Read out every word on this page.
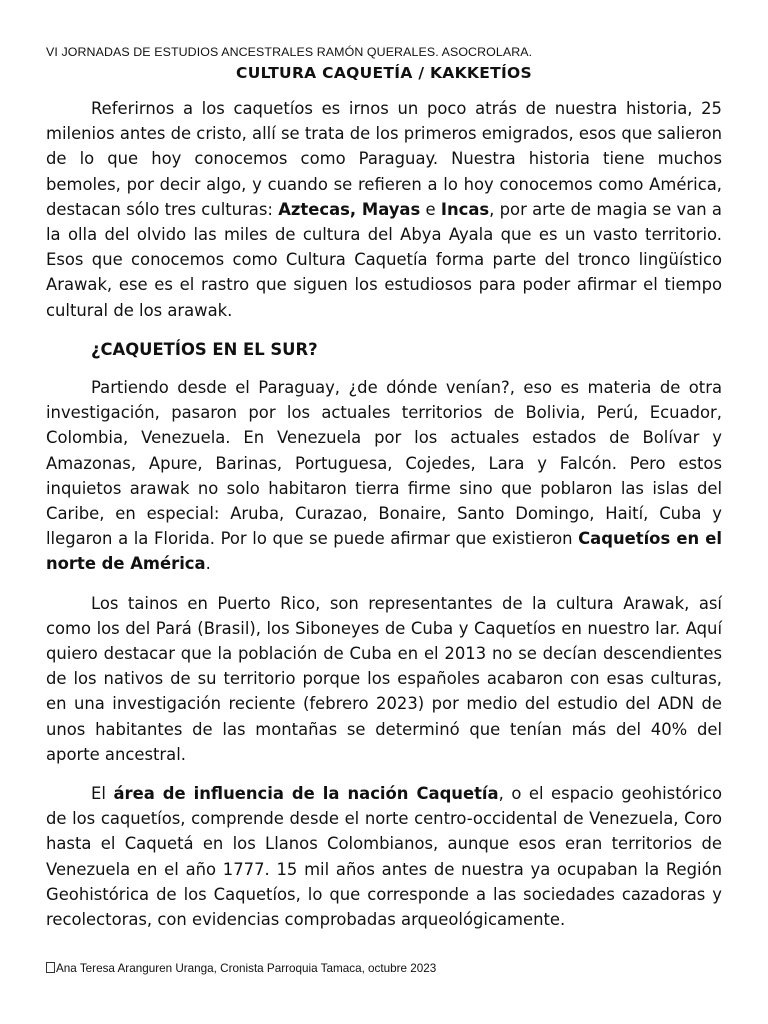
VI JORNADAS DE ESTUDIOS ANCESTRALES RAMÓN QUERALES. ASOCROLARA.
CULTURA CAQUETÍA / KAKKETÍOS

Referirnos a los caquetíos es irnos un poco atrás de nuestra historia, 25 milenios antes de cristo, allí se trata de los primeros emigrados, esos que salieron de lo que hoy conocemos como Paraguay. Nuestra historia tiene muchos bemoles, por decir algo, y cuando se refieren a lo hoy conocemos como América, destacan sólo tres culturas: Aztecas, Mayas e Incas, por arte de magia se van a la olla del olvido las miles de cultura del Abya Ayala que es un vasto territorio. Esos que conocemos como Cultura Caquetía forma parte del tronco lingüístico Arawak, ese es el rastro que siguen los estudiosos para poder afirmar el tiempo cultural de los arawak.

¿CAQUETÍOS EN EL SUR?

Partiendo desde el Paraguay, ¿de dónde venían?, eso es materia de otra investigación, pasaron por los actuales territorios de Bolivia, Perú, Ecuador, Colombia, Venezuela. En Venezuela por los actuales estados de Bolívar y Amazonas, Apure, Barinas, Portuguesa, Cojedes, Lara y Falcón. Pero estos inquietos arawak no solo habitaron tierra firme sino que poblaron las islas del Caribe, en especial: Aruba, Curazao, Bonaire, Santo Domingo, Haití, Cuba y llegaron a la Florida. Por lo que se puede afirmar que existieron Caquetíos en el norte de América.

Los tainos en Puerto Rico, son representantes de la cultura Arawak, así como los del Pará (Brasil), los Siboneyes de Cuba y Caquetíos en nuestro lar. Aquí quiero destacar que la población de Cuba en el 2013 no se decían descendientes de los nativos de su territorio porque los españoles acabaron con esas culturas, en una investigación reciente (febrero 2023) por medio del estudio del ADN de unos habitantes de las montañas se determinó que tenían más del 40% del aporte ancestral.

El área de influencia de la nación Caquetía, o el espacio geohistórico de los caquetíos, comprende desde el norte centro-occidental de Venezuela, Coro hasta el Caquetá en los Llanos Colombianos, aunque esos eran territorios de Venezuela en el año 1777. 15 mil años antes de nuestra ya ocupaban la Región Geohistórica de los Caquetíos, lo que corresponde a las sociedades cazadoras y recolectoras, con evidencias comprobadas arqueológicamente.

Ana Teresa Aranguren Uranga, Cronista Parroquia Tamaca, octubre 2023
